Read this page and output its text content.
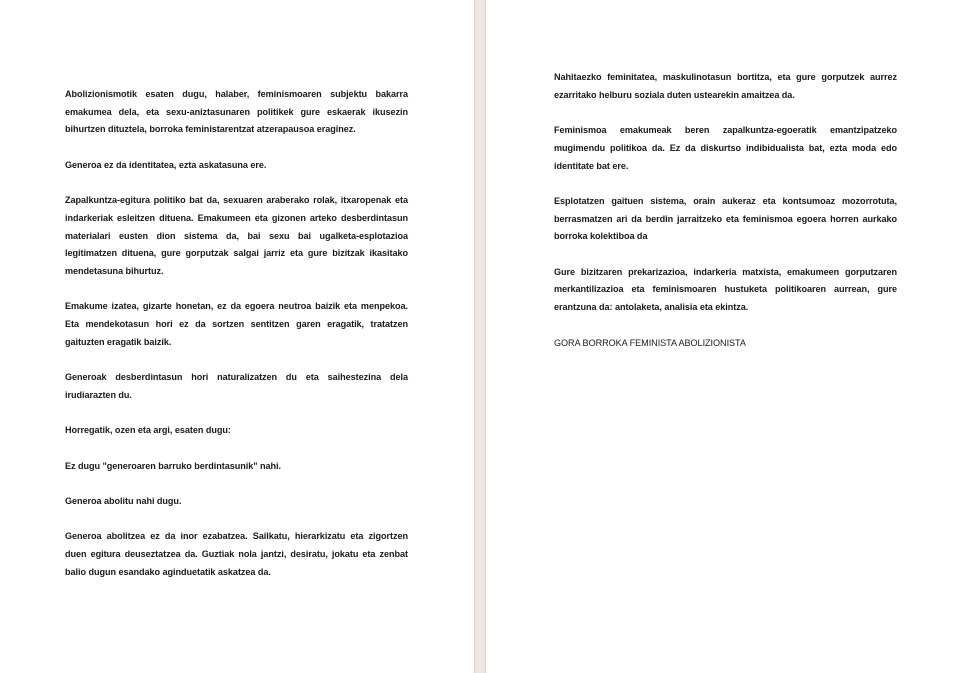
Abolizionismotik esaten dugu, halaber, feminismoaren subjektu bakarra emakumea dela, eta sexu-aniztasunaren politikek gure eskaerak ikusezin bihurtzen dituztela, borroka feministarentzat atzerapausoa eraginez.

Generoa ez da identitatea, ezta askatasuna ere.

Zapalkuntza-egitura politiko bat da, sexuaren araberako rolak, itxaropenak eta indarkeriak esleitzen dituena. Emakumeen eta gizonen arteko desberdintasun materialari eusten dion sistema da, bai sexu bai ugalketa-esplotazioa legitimatzen dituena, gure gorputzak salgai jarriz eta gure bizitzak ikasitako mendetasuna bihurtuz.

Emakume izatea, gizarte honetan, ez da egoera neutroa baizik eta menpekoa. Eta mendekotasun hori ez da sortzen sentitzen garen eragatik, tratatzen gaituzten eragatik baizik.

Generoak desberdintasun hori naturalizatzen du eta saihestezina dela irudiarazten du.

Horregatik, ozen eta argi, esaten dugu:

Ez dugu "generoaren barruko berdintasunik" nahi.

Generoa abolitu nahi dugu.

Generoa abolitzea ez da inor ezabatzea. Sailkatu, hierarkizatu eta zigortzen duen egitura deuseztatzea da. Guztiak nola jantzi, desiratu, jokatu eta zenbat balio dugun esandako aginduetatik askatzea da.

Nahitaezko feminitatea, maskulinotasun bortitza, eta gure gorputzek aurrez ezarritako helburu soziala duten ustearekin amaitzea da.

Feminismoa emakumeak beren zapalkuntza-egoeratik emantzipatzeko mugimendu politikoa da. Ez da diskurtso indibidualista bat, ezta moda edo identitate bat ere.

Esplotatzen gaituen sistema, orain aukeraz eta kontsumoaz mozorrotuta, berrasmatzen ari da berdin jarraitzeko eta feminismoa egoera horren aurkako borroka kolektiboa da

Gure bizitzaren prekarizazioa, indarkeria matxista, emakumeen gorputzaren merkantilizazioa eta feminismoaren hustuketa politikoaren aurrean, gure erantzuna da: antolaketa, analisia eta ekintza.

GORA BORROKA FEMINISTA ABOLIZIONISTA
